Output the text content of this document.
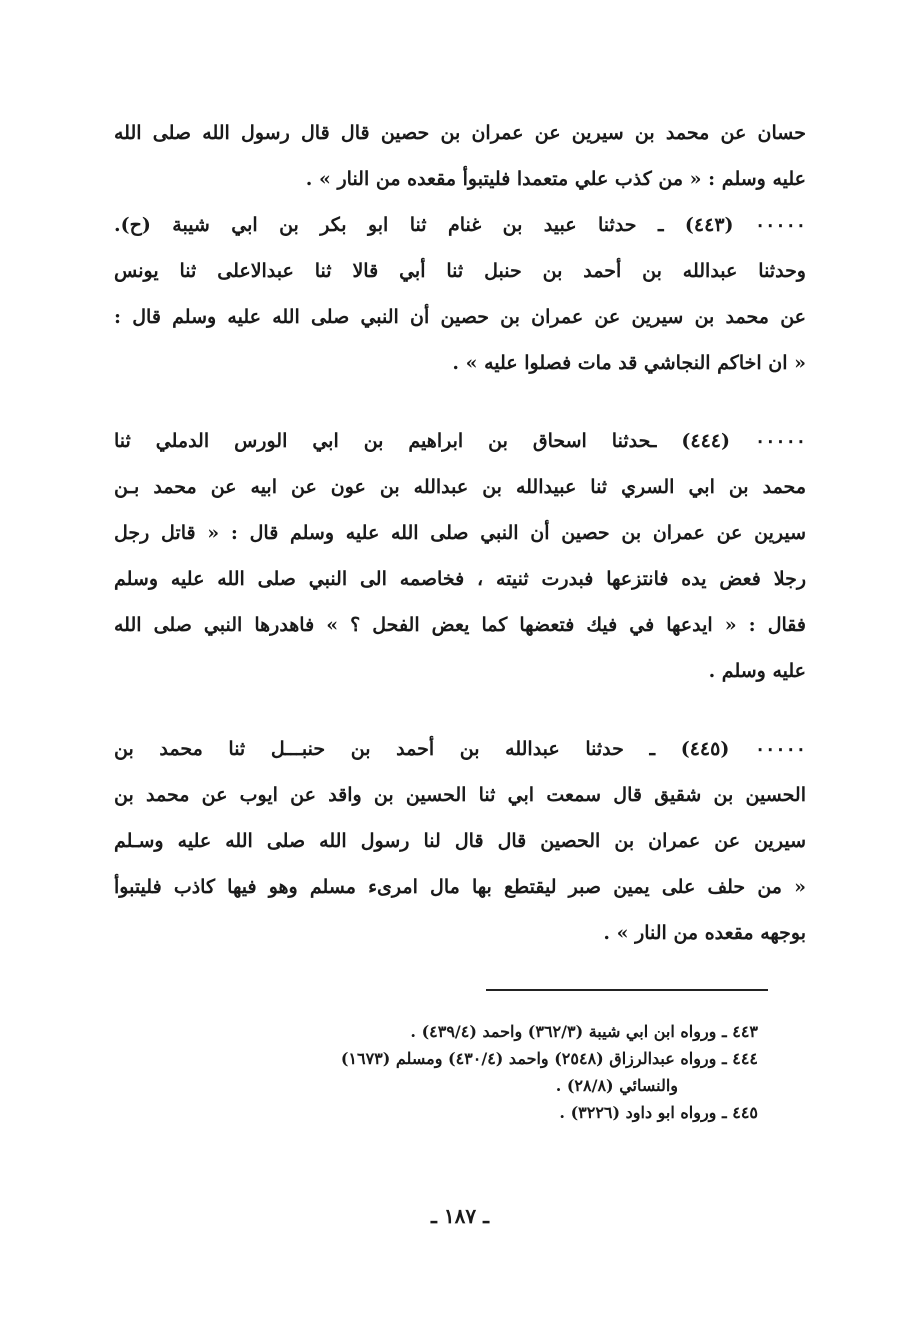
حسان عن محمد بن سيرين عن عمران بن حصين قال قال رسول الله صلى الله
عليه وسلم : « من كذب علي متعمدا فليتبوأ مقعده من النار » .
٠٠٠٠٠ (٤٤٣) ـ حدثنا عبيد بن غنام ثنا ابو بكر بن ابي شيبة (ح).
وحدثنا عبدالله بن أحمد بن حنبل ثنا أبي قالا ثنا عبدالاعلى ثنا يونس
عن محمد بن سيرين عن عمران بن حصين أن النبي صلى الله عليه وسلم قال :
« ان اخاكم النجاشي قد مات فصلوا عليه » .
٠٠٠٠٠ (٤٤٤) ـحدثنا اسحاق بن ابراهيم بن ابي الورس الدملي ثنا
محمد بن ابي السري ثنا عبيدالله بن عبدالله بن عون عن ابيه عن محمد بـن
سيرين عن عمران بن حصين أن النبي صلى الله عليه وسلم قال : « قاتل رجل
رجلا فعض يده فانتزعها فبدرت ثنيته ، فخاصمه الى النبي صلى الله عليه وسلم
فقال : « ايدعها في فيك فتعضها كما يعض الفحل ؟ » فاهدرها النبي صلى الله
عليه وسلم .
٠٠٠٠٠ (٤٤٥) ـ حدثنا عبدالله بن أحمد بن حنبـــل ثنا محمد بن
الحسين بن شقيق قال سمعت ابي ثنا الحسين بن واقد عن ايوب عن محمد بن
سيرين عن عمران بن الحصين قال قال لنا رسول الله صلى الله عليه وسـلم
« من حلف على يمين صبر ليقتطع بها مال امرىء مسلم وهو فيها كاذب فليتبوأ
بوجهه مقعده من النار » .
٤٤٣ ـ ورواه ابن ابي شيبة (٣٦٢/٣) واحمد (٤٣٩/٤) .
٤٤٤ ـ ورواه عبدالرزاق (٢٥٤٨) واحمد (٤٣٠/٤) ومسلم (١٦٧٣)
والنسائي (٢٨/٨) .
٤٤٥ ـ ورواه ابو داود (٣٢٢٦) .
ـ ١٨٧ ـ
